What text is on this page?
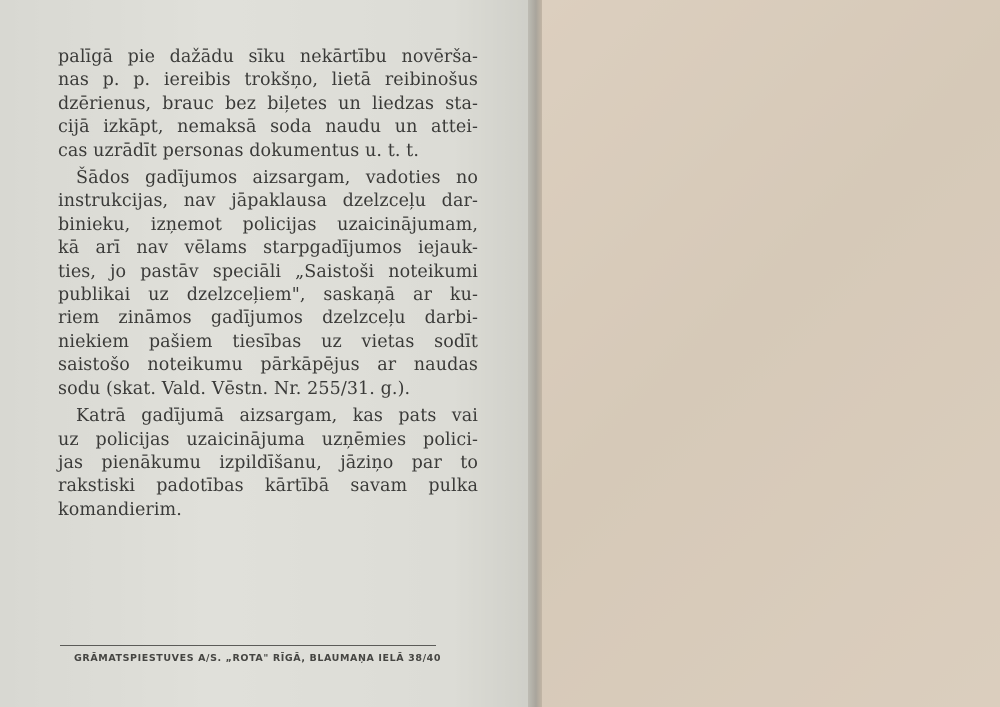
palīgā pie dažādu sīku nekārtību novērša-
nas p. p. iereibis trokšņo, lietā reibinošus
dzērienus, brauc bez biļetes un liedzas sta-
cijā izkāpt, nemaksā soda naudu un attei-
cas uzrādīt personas dokumentus u. t. t.

Šādos gadījumos aizsargam, vadoties no
instrukcijas, nav jāpaklausa dzelzceļu dar-
binieku, izņemot policijas uzaicinājumam,
kā arī nav vēlams starpgadījumos iejauk-
ties, jo pastāv speciāli „Saistoši noteikumi
publikai uz dzelzceļiem", saskaņā ar ku-
riem zināmos gadījumos dzelzceļu darbi-
niekiem pašiem tiesības uz vietas sodīt
saistošo noteikumu pārkāpējus ar naudas
sodu (skat. Vald. Vēstn. Nr. 255/31. g.).

Katrā gadījumā aizsargam, kas pats vai
uz policijas uzaicinājuma uzņēmies polici-
jas pienākumu izpildīšanu, jāziņo par to
rakstiski padotības kārtībā savam pulka
komandierim.

GRĀMATSPIESTUVES A/S. „ROTA" RĪGĀ, BLAUMAŅA IELĀ 38/40
